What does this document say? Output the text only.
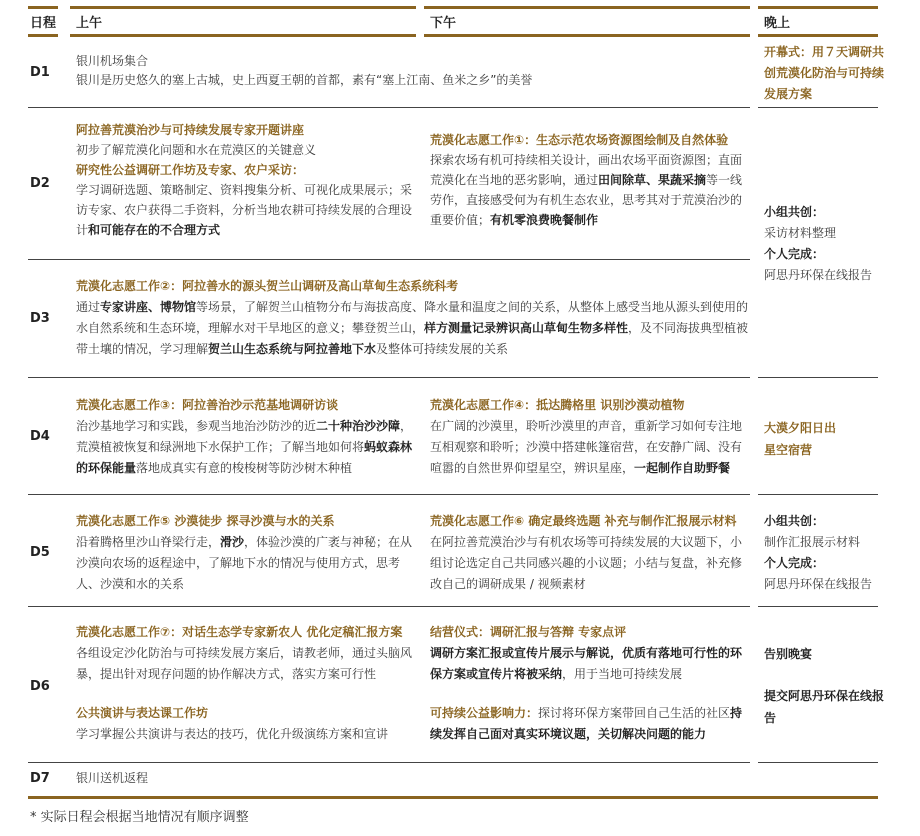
日程 上午	下午	晚上
D1

银川机场集合

银川是历史悠久的塞上古城，史上西夏王朝的首都，素有“塞上江南、鱼米之乡”的美誉

开幕式：用７天调研共创荒漠化防治与可持续发展方案
D2

阿拉善荒漠治沙与可持续发展专家开题讲座

初步了解荒漠化问题和水在荒漠区的关键意义

研究性公益调研工作坊及专家、农户采访：

学习调研选题、策略制定、资料搜集分析、可视化成果展示；采访专家、农户获得二手资料，分析当地农耕可持续发展的合理设计和可能存在的不合理方式

荒漠化志愿工作①：生态示范农场资源图绘制及自然体验

探索农场有机可持续相关设计，画出农场平面资源图；直面荒漠化在当地的恶劣影响，通过田间除草、果蔬采摘等一线劳作，直接感受何为有机生态农业，思考其对于荒漠治沙的重要价值；有机零浪费晚餐制作

小组共创：

采访材料整理

个人完成：

阿思丹环保在线报告

D3

荒漠化志愿工作②：阿拉善水的源头贺兰山调研及高山草甸生态系统科考

通过专家讲座、博物馆等场景，了解贺兰山植物分布与海拔高度、降水量和温度之间的关系，从整体上感受当地从源头到使用的水自然系统和生态环境，理解水对干旱地区的意义；攀登贺兰山，样方测量记录辨识高山草甸生物多样性，及不同海拔典型植被带土壤的情况，学习理解贺兰山生态系统与阿拉善地下水及整体可持续发展的关系

D4

荒漠化志愿工作③：阿拉善治沙示范基地调研访谈

治沙基地学习和实践，参观当地治沙防沙的近二十种治沙沙障，荒漠植被恢复和绿洲地下水保护工作；了解当地如何将蚂蚁森林的环保能量落地成真实有意的梭梭树等防沙树木种植

荒漠化志愿工作④：抵达腾格里 识别沙漠动植物

在广阔的沙漠里，聆听沙漠里的声音，重新学习如何专注地互相观察和聆听；沙漠中搭建帐篷宿营，在安静广阔、没有喧嚣的自然世界仰望星空，辨识星座，一起制作自助野餐

大漠夕阳日出

星空宿营

D5

荒漠化志愿工作⑤ 沙漠徒步 探寻沙漠与水的关系

沿着腾格里沙山脊梁行走，滑沙，体验沙漠的广袤与神秘；在从沙漠向农场的返程途中，了解地下水的情况与使用方式，思考人、沙漠和水的关系

荒漠化志愿工作⑥ 确定最终选题 补充与制作汇报展示材料

在阿拉善荒漠治沙与有机农场等可持续发展的大议题下，小组讨论选定自己共同感兴趣的小议题；小结与复盘，补充修改自己的调研成果 / 视频素材

小组共创：

制作汇报展示材料

个人完成：

阿思丹环保在线报告

D6

荒漠化志愿工作⑦：对话生态学专家新农人 优化定稿汇报方案

各组设定沙化防治与可持续发展方案后，请教老师，通过头脑风暴，提出针对现存问题的协作解决方式，落实方案可行性

公共演讲与表达课工作坊

学习掌握公共演讲与表达的技巧，优化升级演练方案和宣讲

结营仪式：调研汇报与答辩 专家点评

调研方案汇报或宣传片展示与解说，优质有落地可行性的环保方案或宣传片将被采纳，用于当地可持续发展

可持续公益影响力：探讨将环保方案带回自己生活的社区持续发挥自己面对真实环境议题，关切解决问题的能力

告别晚宴

提交阿思丹环保在线报告

D7 银川送机返程
* 实际日程会根据当地情况有顺序调整
